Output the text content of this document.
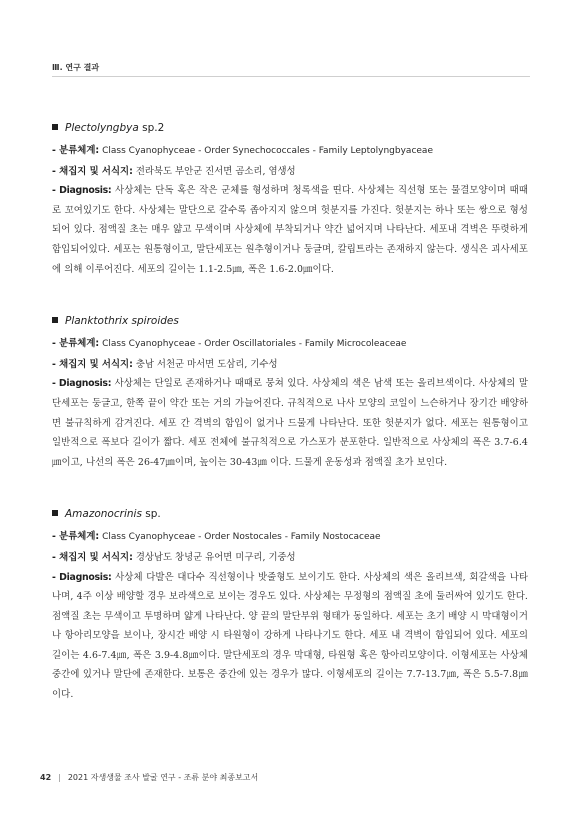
Ⅲ. 연구 결과
Plectolyngbya sp.2
- 분류체계: Class Cyanophyceae - Order Synechococcales - Family Leptolyngbyaceae
- 채집지 및 서식지: 전라북도 부안군 진서면 곰소리, 염생성
- Diagnosis: 사상체는 단독 혹은 작은 군체를 형성하며 청록색을 띤다. 사상체는 직선형 또는 물결모양이며 때때로 꼬여있기도 한다. 사상체는 말단으로 갈수록 좁아지지 않으며 헛분지를 가진다. 헛분지는 하나 또는 쌍으로 형성되어 있다. 점액질 초는 매우 얇고 무색이며 사상체에 부착되거나 약간 넓어지며 나타난다. 세포내 격벽은 뚜렷하게 함입되어있다. 세포는 원통형이고, 말단세포는 원추형이거나 둥글며, 칼립트라는 존재하지 않는다. 생식은 괴사세포에 의해 이루어진다. 세포의 길이는 1.1-2.5㎛, 폭은 1.6-2.0㎛이다.
Planktothrix spiroides
- 분류체계: Class Cyanophyceae - Order Oscillatoriales - Family Microcoleaceae
- 채집지 및 서식지: 충남 서천군 마서면 도삼리, 기수성
- Diagnosis: 사상체는 단일로 존재하거나 때때로 뭉쳐 있다. 사상체의 색은 남색 또는 올리브색이다. 사상체의 말단세포는 둥글고, 한쪽 끝이 약간 또는 거의 가늘어진다. 규칙적으로 나사 모양의 코일이 느슨하거나 장기간 배양하면 불규칙하게 감겨진다. 세포 간 격벽의 함입이 없거나 드물게 나타난다. 또한 헛분지가 없다. 세포는 원통형이고 일반적으로 폭보다 길이가 짧다. 세포 전체에 불규칙적으로 가스포가 분포한다. 일반적으로 사상체의 폭은 3.7-6.4㎛이고, 나선의 폭은 26-47㎛이며, 높이는 30-43㎛ 이다. 드물게 운동성과 점액질 초가 보인다.
Amazonocrinis sp.
- 분류체계: Class Cyanophyceae - Order Nostocales - Family Nostocaceae
- 채집지 및 서식지: 경상남도 창녕군 유어면 미구리, 기중성
- Diagnosis: 사상체 다발은 대다수 직선형이나 밧줄형도 보이기도 한다. 사상체의 색은 올리브색, 회갈색을 나타나며, 4주 이상 배양할 경우 보라색으로 보이는 경우도 있다. 사상체는 무정형의 점액질 초에 둘러싸여 있기도 한다. 점액질 초는 무색이고 투명하며 얇게 나타난다. 양 끝의 말단부위 형태가 동일하다. 세포는 초기 배양 시 막대형이거나 항아리모양을 보이나, 장시간 배양 시 타원형이 강하게 나타나기도 한다. 세포 내 격벽이 함입되어 있다. 세포의 길이는 4.6-7.4㎛, 폭은 3.9-4.8㎛이다. 말단세포의 경우 막대형, 타원형 혹은 항아리모양이다. 이형세포는 사상체 중간에 있거나 말단에 존재한다. 보통은 중간에 있는 경우가 많다. 이형세포의 길이는 7.7-13.7㎛, 폭은 5.5-7.8㎛이다.
42 | 2021 자생생물 조사 발굴 연구 - 조류 분야 최종보고서
